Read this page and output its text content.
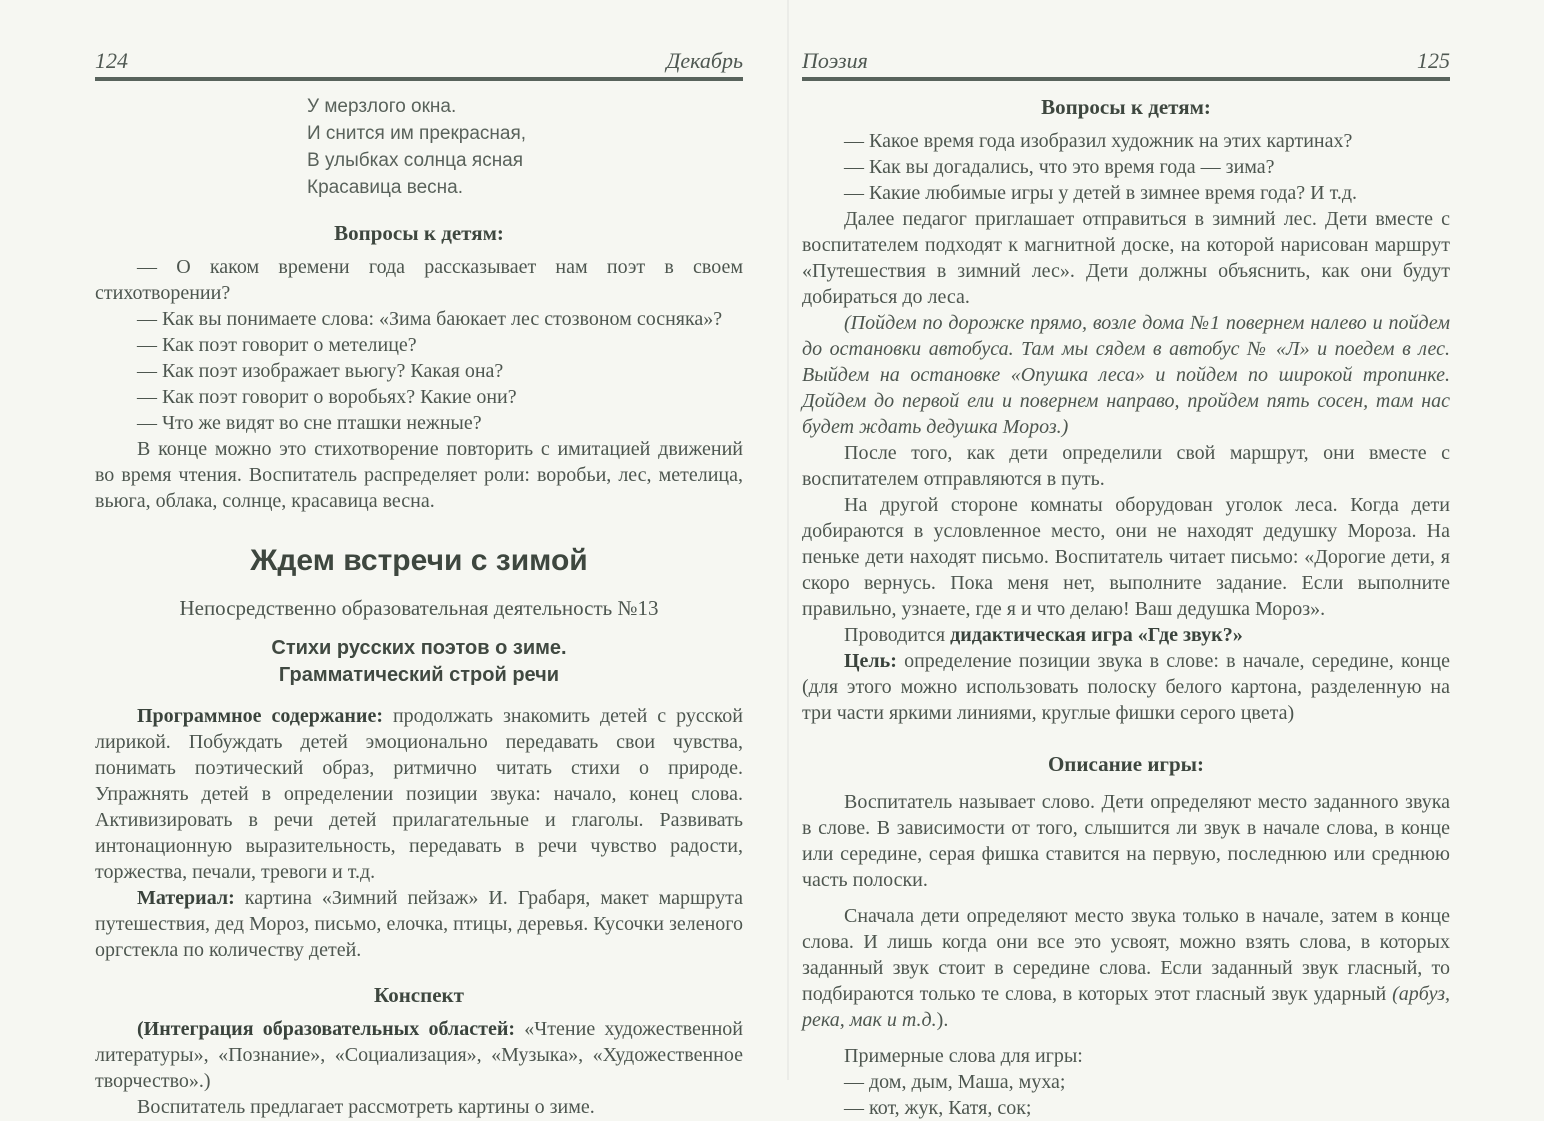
124	Декабрь
У мерзлого окна.
И снится им прекрасная,
В улыбках солнца ясная
Красавица весна.
Вопросы к детям:

— О каком времени года рассказывает нам поэт в своем стихотворении?

— Как вы понимаете слова: «Зима баюкает лес стозвоном сосняка»?

— Как поэт говорит о метелице?

— Как поэт изображает вьюгу? Какая она?

— Как поэт говорит о воробьях? Какие они?

— Что же видят во сне пташки нежные?

В конце можно это стихотворение повторить с имитацией движений во время чтения. Воспитатель распределяет роли: воробьи, лес, метелица, вьюга, облака, солнце, красавица весна.

Ждем встречи с зимой
Непосредственно образовательная деятельность №13
Стихи русских поэтов о зиме.
Грамматический строй речи

Программное содержание: продолжать знакомить детей с русской лирикой. Побуждать детей эмоционально передавать свои чувства, понимать поэтический образ, ритмично читать стихи о природе. Упражнять детей в определении позиции звука: начало, конец слова. Активизировать в речи детей прилагательные и глаголы. Развивать интонационную выразительность, передавать в речи чувство радости, торжества, печали, тревоги и т.д.

Материал: картина «Зимний пейзаж» И. Грабаря, макет маршрута путешествия, дед Мороз, письмо, елочка, птицы, деревья. Кусочки зеленого оргстекла по количеству детей.

Конспект

(Интеграция образовательных областей: «Чтение художественной литературы», «Познание», «Социализация», «Музыка», «Художественное творчество».)

Воспитатель предлагает рассмотреть картины о зиме.

Поэзия	125
Вопросы к детям:

— Какое время года изобразил художник на этих картинах?

— Как вы догадались, что это время года — зима?

— Какие любимые игры у детей в зимнее время года? И т.д.

Далее педагог приглашает отправиться в зимний лес. Дети вместе с воспитателем подходят к магнитной доске, на которой нарисован маршрут «Путешествия в зимний лес». Дети должны объяснить, как они будут добираться до леса.

(Пойдем по дорожке прямо, возле дома №1 повернем налево и пойдем до остановки автобуса. Там мы сядем в автобус № «Л» и поедем в лес. Выйдем на остановке «Опушка леса» и пойдем по широкой тропинке. Дойдем до первой ели и повернем направо, пройдем пять сосен, там нас будет ждать дедушка Мороз.)

После того, как дети определили свой маршрут, они вместе с воспитателем отправляются в путь.

На другой стороне комнаты оборудован уголок леса. Когда дети добираются в условленное место, они не находят дедушку Мороза. На пеньке дети находят письмо. Воспитатель читает письмо: «Дорогие дети, я скоро вернусь. Пока меня нет, выполните задание. Если выполните правильно, узнаете, где я и что делаю! Ваш дедушка Мороз».

Проводится дидактическая игра «Где звук?»

Цель: определение позиции звука в слове: в начале, середине, конце (для этого можно использовать полоску белого картона, разделенную на три части яркими линиями, круглые фишки серого цвета)

Описание игры:

Воспитатель называет слово. Дети определяют место заданного звука в слове. В зависимости от того, слышится ли звук в начале слова, в конце или середине, серая фишка ставится на первую, последнюю или среднюю часть полоски.

Сначала дети определяют место звука только в начале, затем в конце слова. И лишь когда они все это усвоят, можно взять слова, в которых заданный звук стоит в середине слова. Если заданный звук гласный, то подбираются только те слова, в которых этот гласный звук ударный (арбуз, река, мак и т.д.).

Примерные слова для игры:

— дом, дым, Маша, муха;

— кот, жук, Катя, сок;
